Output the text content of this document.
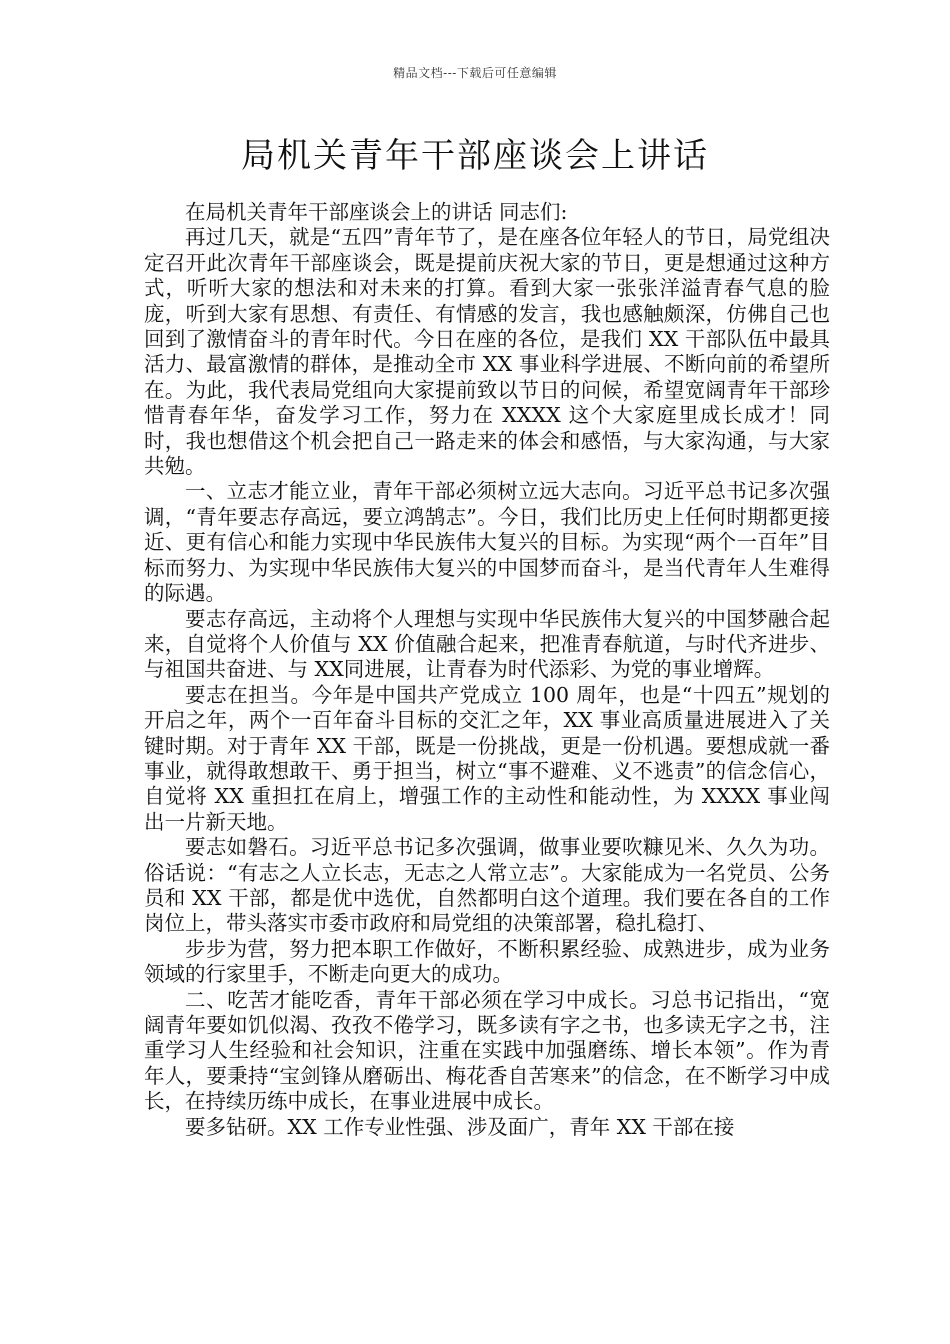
精品文档---下载后可任意编辑
局机关青年干部座谈会上讲话

在局机关青年干部座谈会上的讲话 同志们:

再过几天，就是“五四”青年节了，是在座各位年轻人的节日，局党组决定召开此次青年干部座谈会，既是提前庆祝大家的节日，更是想通过这种方式，听听大家的想法和对未来的打算。看到大家一张张洋溢青春气息的脸庞，听到大家有思想、有责任、有情感的发言，我也感触颇深，仿佛自己也回到了激情奋斗的青年时代。今日在座的各位，是我们 XX 干部队伍中最具活力、最富激情的群体，是推动全市 XX 事业科学进展、不断向前的希望所在。为此，我代表局党组向大家提前致以节日的问候，希望宽阔青年干部珍惜青春年华，奋发学习工作，努力在 XXXX 这个大家庭里成长成才！同时，我也想借这个机会把自己一路走来的体会和感悟，与大家沟通，与大家共勉。

一、立志才能立业，青年干部必须树立远大志向。习近平总书记多次强调，“青年要志存高远，要立鸿鹄志”。今日，我们比历史上任何时期都更接近、更有信心和能力实现中华民族伟大复兴的目标。为实现“两个一百年”目标而努力、为实现中华民族伟大复兴的中国梦而奋斗，是当代青年人生难得的际遇。

要志存高远，主动将个人理想与实现中华民族伟大复兴的中国梦融合起来，自觉将个人价值与 XX 价值融合起来，把准青春航道，与时代齐进步、与祖国共奋进、与 XX同进展，让青春为时代添彩、为党的事业增辉。

要志在担当。今年是中国共产党成立 100 周年，也是“十四五”规划的开启之年，两个一百年奋斗目标的交汇之年，XX 事业高质量进展进入了关键时期。对于青年 XX 干部，既是一份挑战，更是一份机遇。要想成就一番事业，就得敢想敢干、勇于担当，树立“事不避难、义不逃责”的信念信心，自觉将 XX 重担扛在肩上，增强工作的主动性和能动性，为 XXXX 事业闯出一片新天地。

要志如磐石。习近平总书记多次强调，做事业要吹糠见米、久久为功。俗话说：“有志之人立长志，无志之人常立志”。大家能成为一名党员、公务员和 XX 干部，都是优中选优，自然都明白这个道理。我们要在各自的工作岗位上，带头落实市委市政府和局党组的决策部署，稳扎稳打、

步步为营，努力把本职工作做好，不断积累经验、成熟进步，成为业务领域的行家里手，不断走向更大的成功。

二、吃苦才能吃香，青年干部必须在学习中成长。习总书记指出，“宽阔青年要如饥似渴、孜孜不倦学习，既多读有字之书，也多读无字之书，注重学习人生经验和社会知识，注重在实践中加强磨练、增长本领”。作为青年人，要秉持“宝剑锋从磨砺出、梅花香自苦寒来”的信念，在不断学习中成长，在持续历练中成长，在事业进展中成长。

要多钻研。XX 工作专业性强、涉及面广，青年 XX 干部在接
